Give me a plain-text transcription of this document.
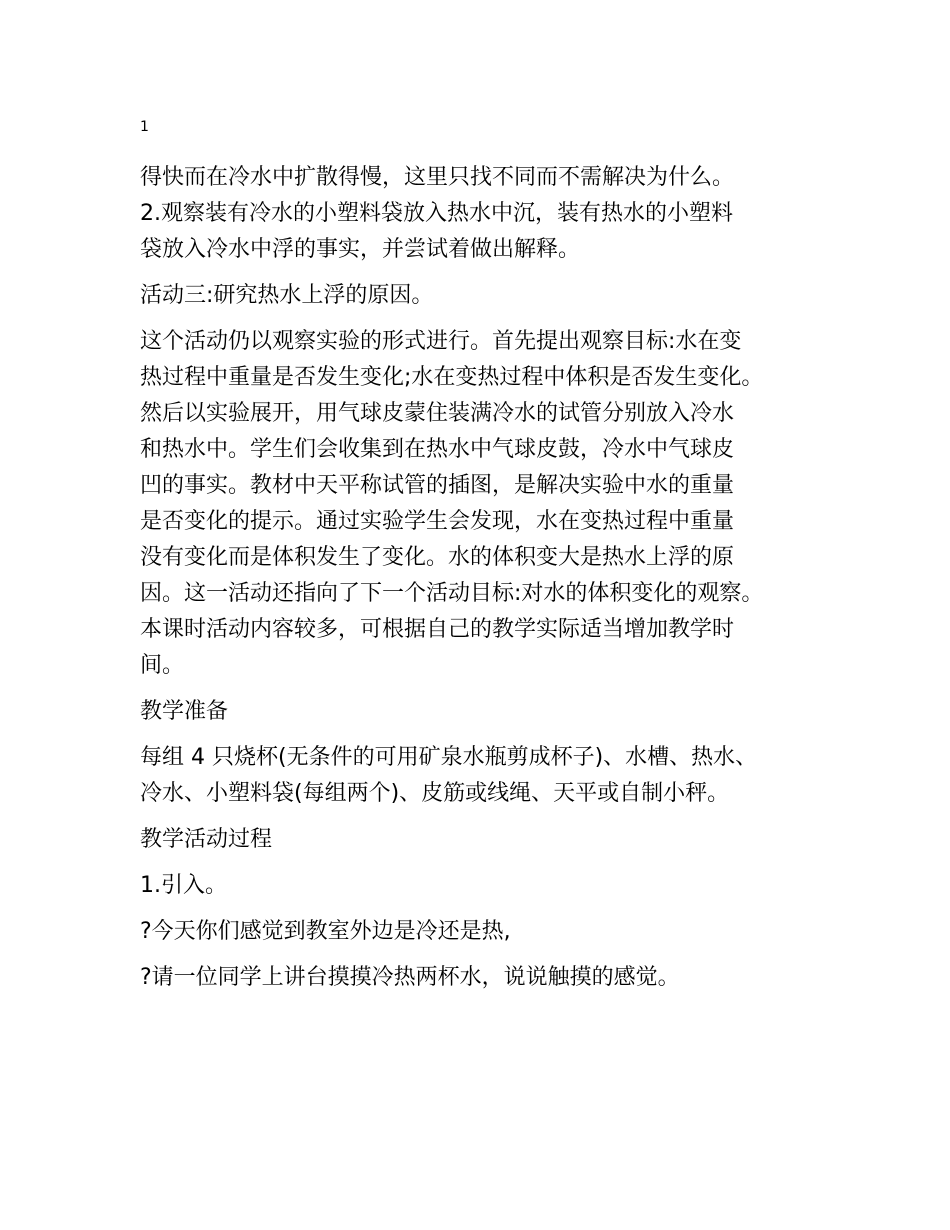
1

得快而在冷水中扩散得慢，这里只找不同而不需解决为什么。
2.观察装有冷水的小塑料袋放入热水中沉，装有热水的小塑料
袋放入冷水中浮的事实，并尝试着做出解释。

活动三:研究热水上浮的原因。

这个活动仍以观察实验的形式进行。首先提出观察目标:水在变
热过程中重量是否发生变化;水在变热过程中体积是否发生变化。
然后以实验展开，用气球皮蒙住装满冷水的试管分别放入冷水
和热水中。学生们会收集到在热水中气球皮鼓，冷水中气球皮
凹的事实。教材中天平称试管的插图，是解决实验中水的重量
是否变化的提示。通过实验学生会发现，水在变热过程中重量
没有变化而是体积发生了变化。水的体积变大是热水上浮的原
因。这一活动还指向了下一个活动目标:对水的体积变化的观察。
本课时活动内容较多，可根据自己的教学实际适当增加教学时
间。

教学准备

每组 4 只烧杯(无条件的可用矿泉水瓶剪成杯子)、水槽、热水、
冷水、小塑料袋(每组两个)、皮筋或线绳、天平或自制小秤。

教学活动过程

1.引入。

?今天你们感觉到教室外边是冷还是热,

?请一位同学上讲台摸摸冷热两杯水，说说触摸的感觉。
